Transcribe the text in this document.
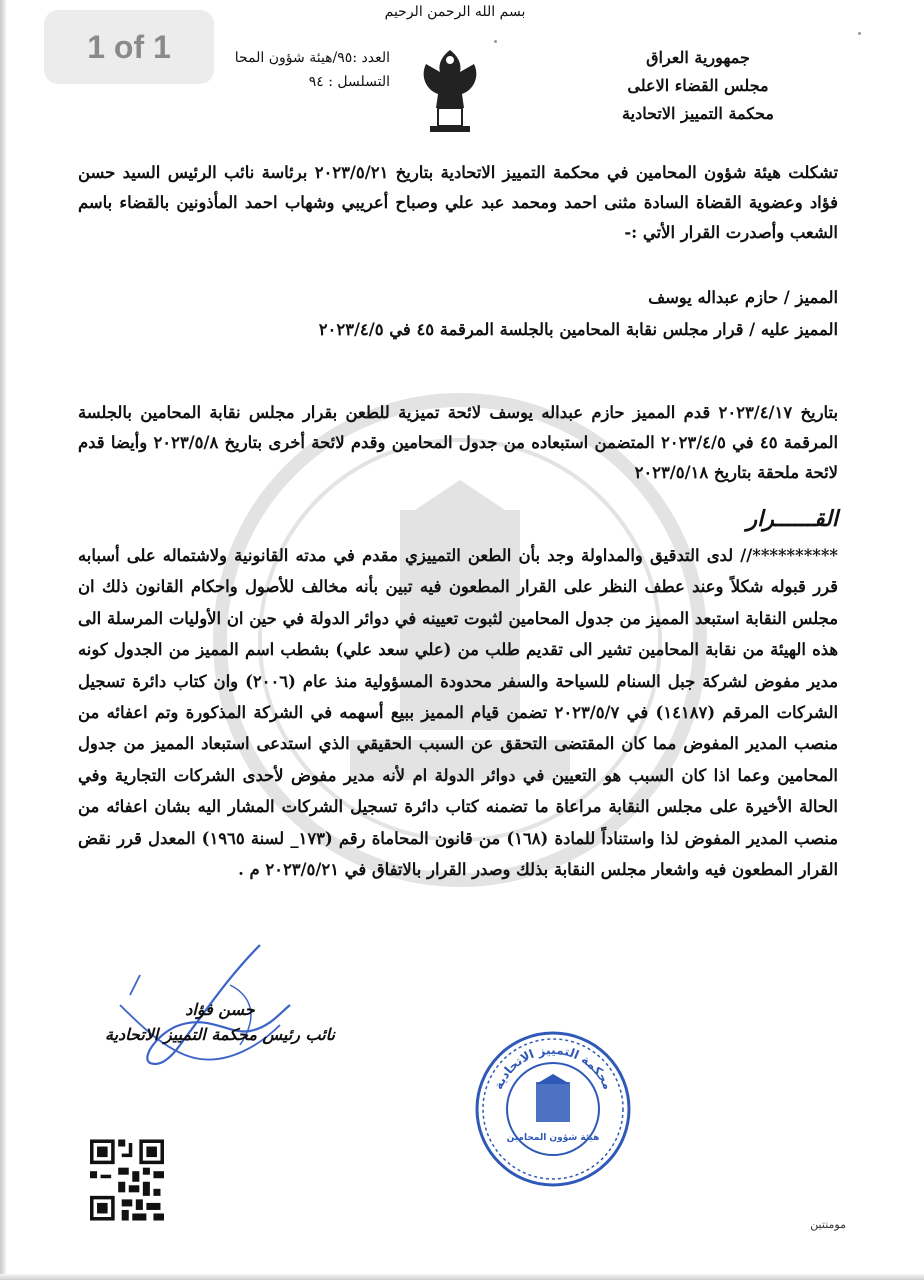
1 of 1
بسم الله الرحمن الرحيم
جمهورية العراق
مجلس القضاء الاعلى
محكمة التمييز الاتحادية
العدد :٩٥/هيئة شؤون المحا
التسلسل : ٩٤
تشكلت هيئة شؤون المحامين في محكمة التمييز الاتحادية بتاريخ ٢٠٢٣/٥/٢١ برئاسة نائب الرئيس السيد حسن فؤاد وعضوية القضاة السادة مثنى احمد ومحمد عبد علي وصباح أعريبي وشهاب احمد المأذونين بالقضاء باسم الشعب وأصدرت القرار الأتي :-
المميز / حازم عبداله يوسف
المميز عليه / قرار مجلس نقابة المحامين بالجلسة المرقمة ٤٥ في ٢٠٢٣/٤/٥
بتاريخ ٢٠٢٣/٤/١٧ قدم المميز حازم عبداله يوسف لائحة تميزية للطعن بقرار مجلس نقابة المحامين بالجلسة المرقمة ٤٥ في ٢٠٢٣/٤/٥ المتضمن استبعاده من جدول المحامين وقدم لائحة أخرى بتاريخ ٢٠٢٣/٥/٨ وأيضا قدم لائحة ملحقة بتاريخ ٢٠٢٣/٥/١٨
القــــــرار
**********// لدى التدقيق والمداولة وجد بأن الطعن التمييزي مقدم في مدته القانونية ولاشتماله على أسبابه قرر قبوله شكلاً وعند عطف النظر على القرار المطعون فيه تبين بأنه مخالف للأصول واحكام القانون ذلك ان مجلس النقابة استبعد المميز من جدول المحامين لثبوت تعيينه في دوائر الدولة في حين ان الأوليات المرسلة الى هذه الهيئة من نقابة المحامين تشير الى تقديم طلب من (علي سعد علي) بشطب اسم المميز من الجدول كونه مدير مفوض لشركة جبل السنام للسياحة والسفر محدودة المسؤولية منذ عام (٢٠٠٦) وان كتاب دائرة تسجيل الشركات المرقم (١٤١٨٧) في ٢٠٢٣/٥/٧ تضمن قيام المميز ببيع أسهمه في الشركة المذكورة وتم اعفائه من منصب المدير المفوض مما كان المقتضى التحقق عن السبب الحقيقي الذي استدعى استبعاد المميز من جدول المحامين وعما اذا كان السبب هو التعيين في دوائر الدولة ام لأنه مدير مفوض لأحدى الشركات التجارية وفي الحالة الأخيرة على مجلس النقابة مراعاة ما تضمنه كتاب دائرة تسجيل الشركات المشار اليه بشان اعفائه من منصب المدير المفوض لذا واستناداً للمادة (١٦٨) من قانون المحاماة رقم (١٧٣_ لسنة ١٩٦٥) المعدل قرر نقض القرار المطعون فيه واشعار مجلس النقابة بذلك وصدر القرار بالاتفاق في ٢٠٢٣/٥/٢١ م .
حسن فؤاد
نائب رئيس محكمة التمييز الاتحادية
محكمة التمييز الاتحادية
هيئة شؤون المحامين
مومنتين
